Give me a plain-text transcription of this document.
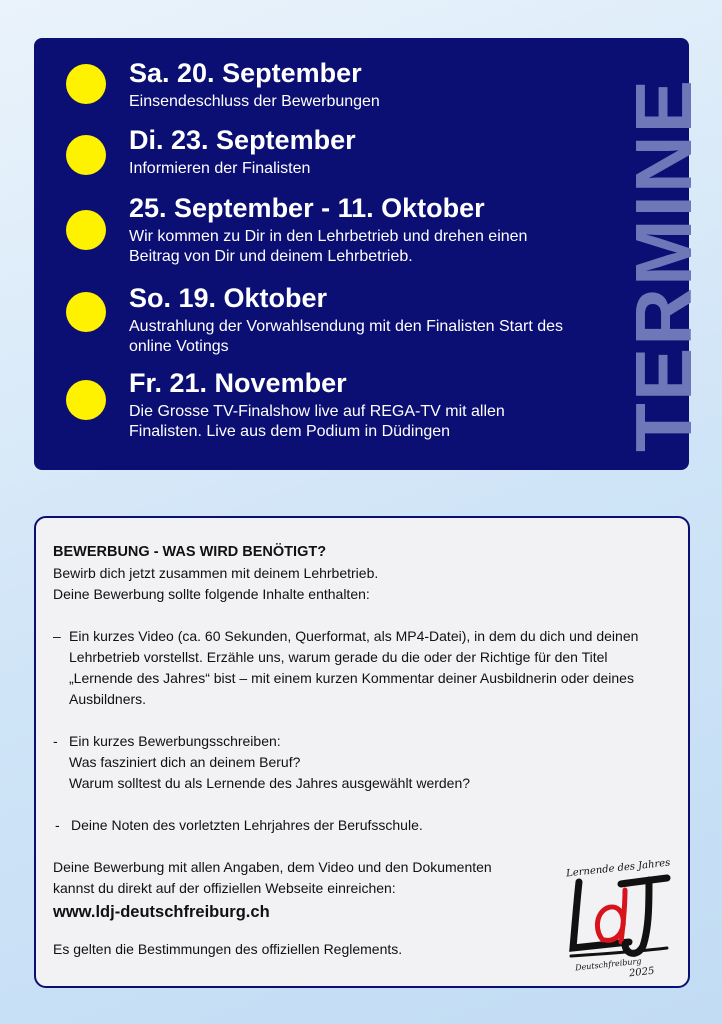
Sa. 20. September
Einsendeschluss der Bewerbungen
Di. 23. September
Informieren der Finalisten
25. September - 11. Oktober
Wir kommen zu Dir in den Lehrbetrieb und drehen einen Beitrag von Dir und deinem Lehrbetrieb.
So. 19. Oktober
Austrahlung der Vorwahlsendung mit den Finalisten Start des online Votings
Fr. 21. November
Die Grosse TV-Finalshow live auf REGA-TV mit allen Finalisten. Live aus dem Podium in Düdingen	TERMINE
BEWERBUNG - WAS WIRD BENÖTIGT?
Bewirb dich jetzt zusammen mit deinem Lehrbetrieb.
Deine Bewerbung sollte folgende Inhalte enthalten:
– Ein kurzes Video (ca. 60 Sekunden, Querformat, als MP4-Datei), in dem du dich und deinen Lehrbetrieb vorstellst. Erzähle uns, warum gerade du die oder der Richtige für den Titel „Lernende des Jahres“ bist – mit einem kurzen Kommentar deiner Ausbildnerin oder deines Ausbildners.
- Ein kurzes Bewerbungsschreiben:
Was fasziniert dich an deinem Beruf?
Warum solltest du als Lernende des Jahres ausgewählt werden?
- Deine Noten des vorletzten Lehrjahres der Berufsschule.
Deine Bewerbung mit allen Angaben, dem Video und den Dokumenten
kannst du direkt auf der offiziellen Webseite einreichen:
www.ldj-deutschfreiburg.ch
Es gelten die Bestimmungen des offiziellen Reglements.
Lernende des Jahres
Deutschfreiburg
2025
